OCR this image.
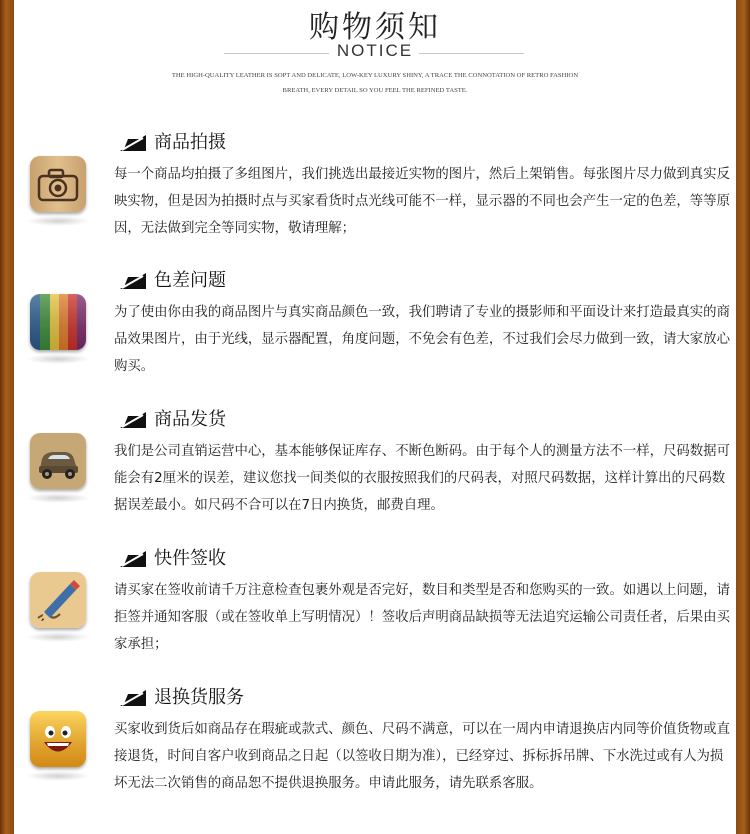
购物须知
NOTICE
THE HIGH-QUALITY LEATHER IS SOPT AND DELICATE, LOW-KEY LUXURY SHINY, A TRACE THE CONNOTATION OF RETRO FASHION
BREATH, EVERY DETAIL SO YOU FEEL THE REFINED TASTE.
商品拍摄
每一个商品均拍摄了多组图片，我们挑选出最接近实物的图片，然后上架销售。每张图片尽力做到真实反映实物，但是因为拍摄时点与买家看货时点光线可能不一样，显示器的不同也会产生一定的色差，等等原因，无法做到完全等同实物，敬请理解；
色差问题
为了使由你由我的商品图片与真实商品颜色一致，我们聘请了专业的摄影师和平面设计来打造最真实的商品效果图片，由于光线，显示器配置，角度问题，不免会有色差，不过我们会尽力做到一致，请大家放心购买。
商品发货
我们是公司直销运营中心，基本能够保证库存、不断色断码。由于每个人的测量方法不一样，尺码数据可能会有2厘米的误差，建议您找一间类似的衣服按照我们的尺码表，对照尺码数据，这样计算出的尺码数据误差最小。如尺码不合可以在7日内换货，邮费自理。
快件签收
请买家在签收前请千万注意检查包裹外观是否完好，数目和类型是否和您购买的一致。如遇以上问题，请拒签并通知客服（或在签收单上写明情况）！签收后声明商品缺损等无法追究运输公司责任者，后果由买家承担；
退换货服务
买家收到货后如商品存在瑕疵或款式、颜色、尺码不满意，可以在一周内申请退换店内同等价值货物或直接退货，时间自客户收到商品之日起（以签收日期为准），已经穿过、拆标拆吊牌、下水洗过或有人为损坏无法二次销售的商品恕不提供退换服务。申请此服务，请先联系客服。
